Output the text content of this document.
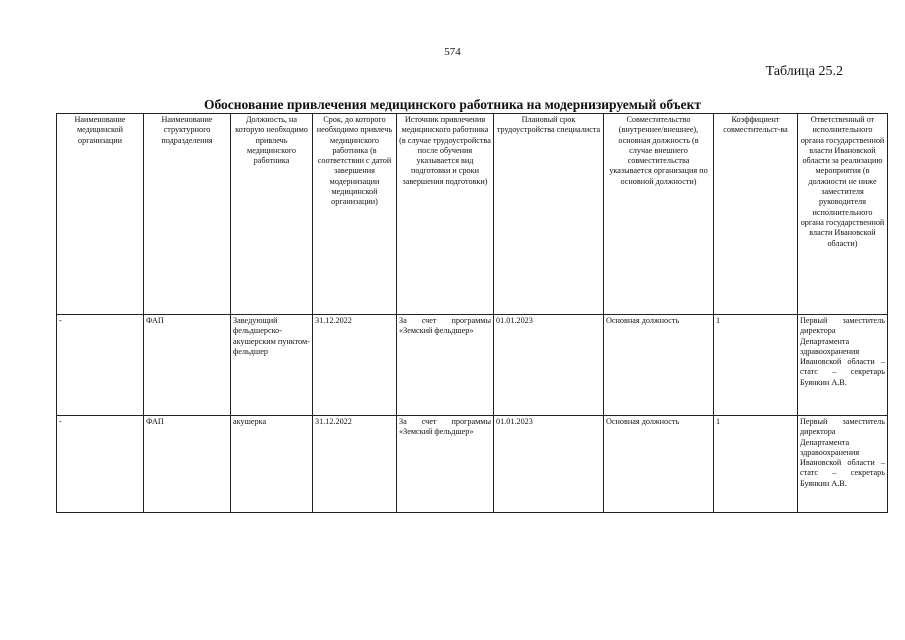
574
Таблица 25.2
Обоснование привлечения медицинского работника на модернизируемый объект
Наименование медицинской организации	Наименование структурного подразделения	Должность, на которую необходимо привлечь медицинского работника	Срок, до которого необходимо привлечь медицинского работника (в соответствии с датой завершения модернизации медицинской организации)	Источник привлечения медицинского работника (в случае трудоустройства после обучения указывается вид подготовки и сроки завершения подготовки)	Плановый срок трудоустройства специалиста	Совместительство (внутреннее/внешнее), основная должность (в случае внешнего совместительства указывается организация по основной должности)	Коэффициент совместительст-ва	Ответственный от исполнительного органа государственной власти Ивановской области за реализацию мероприятия (в должности не ниже заместителя руководителя исполнительного органа государственной власти Ивановской области)
-	ФАП	Заведующий фельдшерско-акушерским пунктом-фельдшер	31.12.2022	За счет программы «Земский фельдшер»	01.01.2023	Основная должность	1	Первый заместитель директора Департамента здравоохранения Ивановской области – статс – секретарь Буянкин А.В.
-	ФАП	акушерка	31.12.2022	За счет программы «Земский фельдшер»	01.01.2023	Основная должность	1	Первый заместитель директора Департамента здравоохранения Ивановской области – статс – секретарь Буянкин А.В.
